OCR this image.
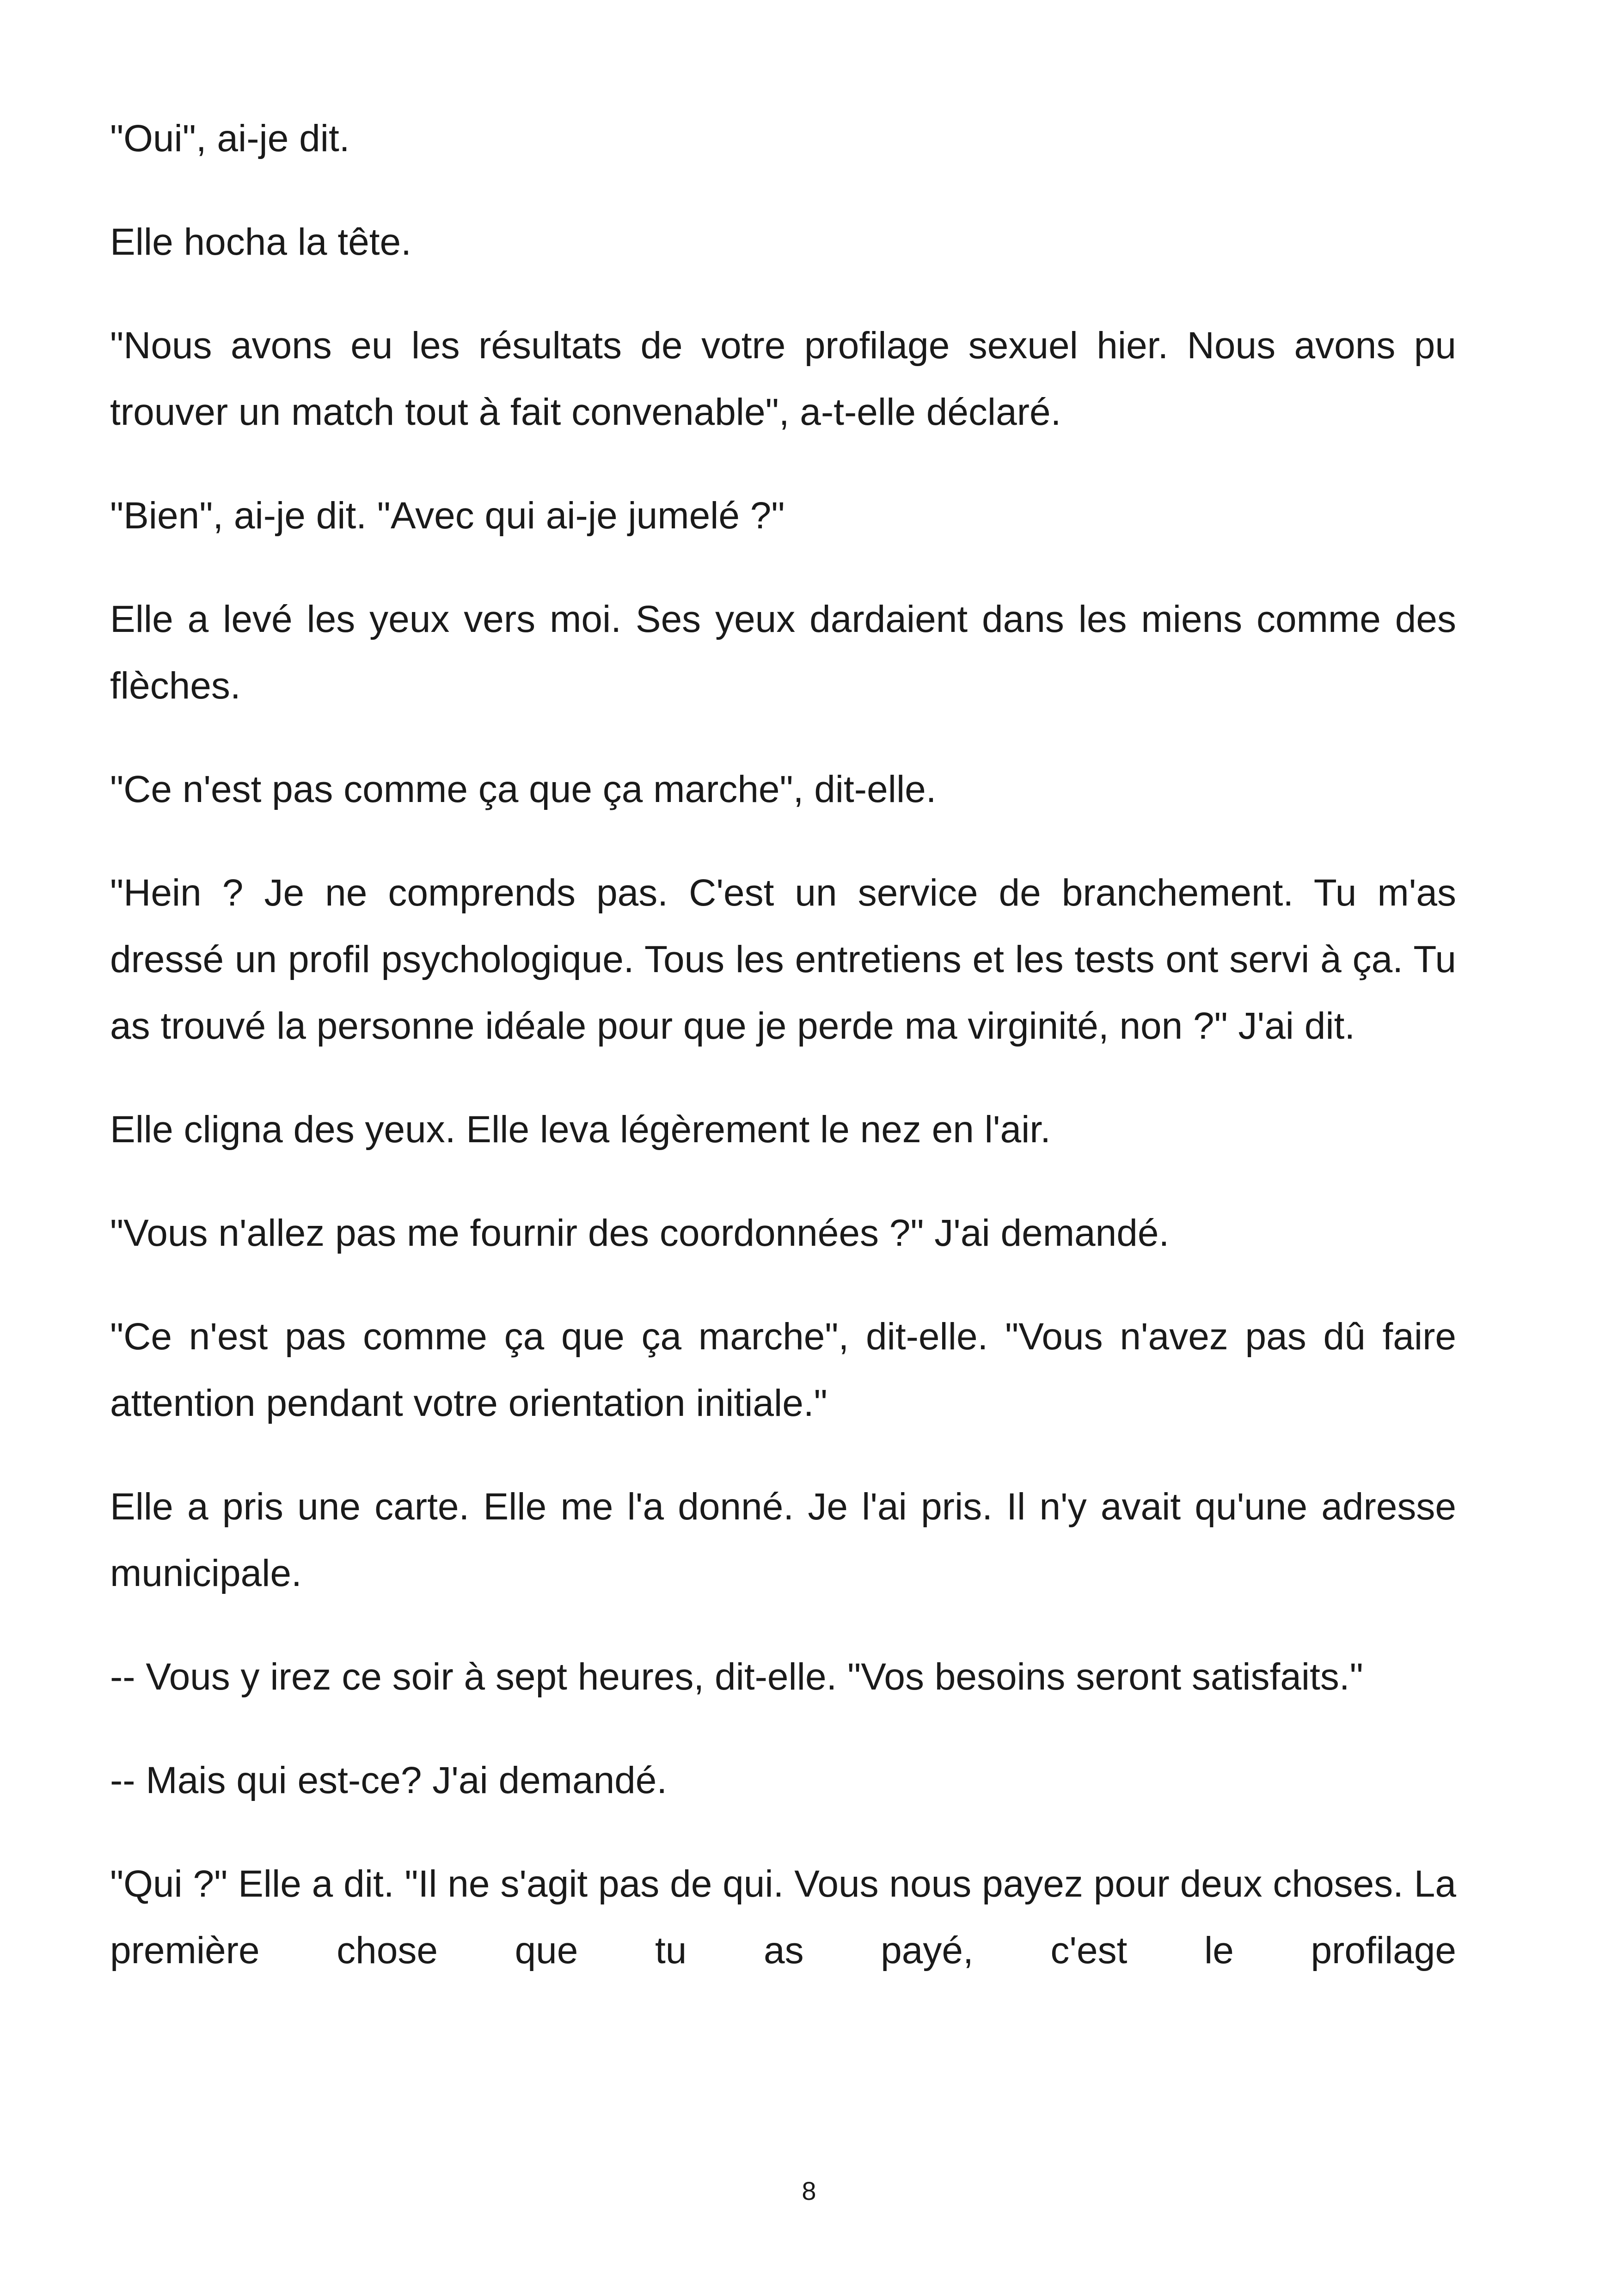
"Oui", ai-je dit.

Elle hocha la tête.

"Nous avons eu les résultats de votre profilage sexuel hier. Nous avons pu trouver un match tout à fait convenable", a-t-elle déclaré.

"Bien", ai-je dit. "Avec qui ai-je jumelé ?"

Elle a levé les yeux vers moi. Ses yeux dardaient dans les miens comme des flèches.

"Ce n'est pas comme ça que ça marche", dit-elle.

"Hein ? Je ne comprends pas. C'est un service de branchement. Tu m'as dressé un profil psychologique. Tous les entretiens et les tests ont servi à ça. Tu as trouvé la personne idéale pour que je perde ma virginité, non ?" J'ai dit.

Elle cligna des yeux. Elle leva légèrement le nez en l'air.

"Vous n'allez pas me fournir des coordonnées ?" J'ai demandé.

"Ce n'est pas comme ça que ça marche", dit-elle. "Vous n'avez pas dû faire attention pendant votre orientation initiale."

Elle a pris une carte. Elle me l'a donné. Je l'ai pris. Il n'y avait qu'une adresse municipale.

-- Vous y irez ce soir à sept heures, dit-elle. "Vos besoins seront satisfaits."

-- Mais qui est-ce? J'ai demandé.

"Qui ?" Elle a dit. "Il ne s'agit pas de qui. Vous nous payez pour deux choses. La première chose que tu as payé, c'est le profilage

8
